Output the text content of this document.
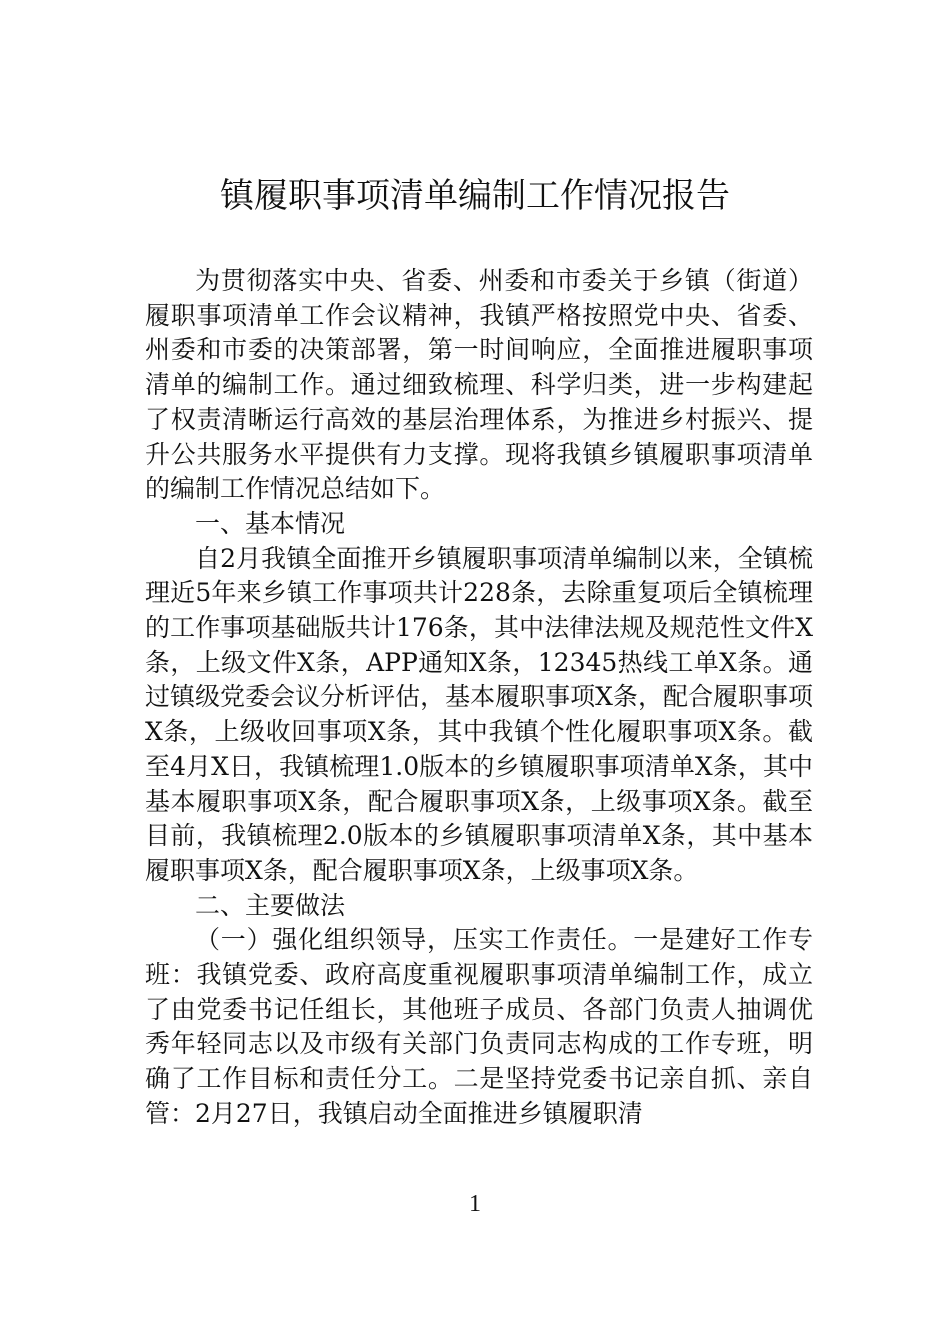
镇履职事项清单编制工作情况报告

为贯彻落实中央、省委、州委和市委关于乡镇（街道）履职事项清单工作会议精神，我镇严格按照党中央、省委、州委和市委的决策部署，第一时间响应，全面推进履职事项清单的编制工作。通过细致梳理、科学归类，进一步构建起了权责清晰运行高效的基层治理体系，为推进乡村振兴、提升公共服务水平提供有力支撑。现将我镇乡镇履职事项清单的编制工作情况总结如下。

一、基本情况

自2月我镇全面推开乡镇履职事项清单编制以来，全镇梳理近5年来乡镇工作事项共计228条，去除重复项后全镇梳理的工作事项基础版共计176条，其中法律法规及规范性文件X条，上级文件X条，APP通知X条，12345热线工单X条。通过镇级党委会议分析评估，基本履职事项X条，配合履职事项X条，上级收回事项X条，其中我镇个性化履职事项X条。截至4月X日，我镇梳理1.0版本的乡镇履职事项清单X条，其中基本履职事项X条，配合履职事项X条，上级事项X条。截至目前，我镇梳理2.0版本的乡镇履职事项清单X条，其中基本履职事项X条，配合履职事项X条，上级事项X条。

二、主要做法

（一）强化组织领导，压实工作责任。一是建好工作专班：我镇党委、政府高度重视履职事项清单编制工作，成立了由党委书记任组长，其他班子成员、各部门负责人抽调优秀年轻同志以及市级有关部门负责同志构成的工作专班，明确了工作目标和责任分工。二是坚持党委书记亲自抓、亲自管：2月27日，我镇启动全面推进乡镇履职清

1
